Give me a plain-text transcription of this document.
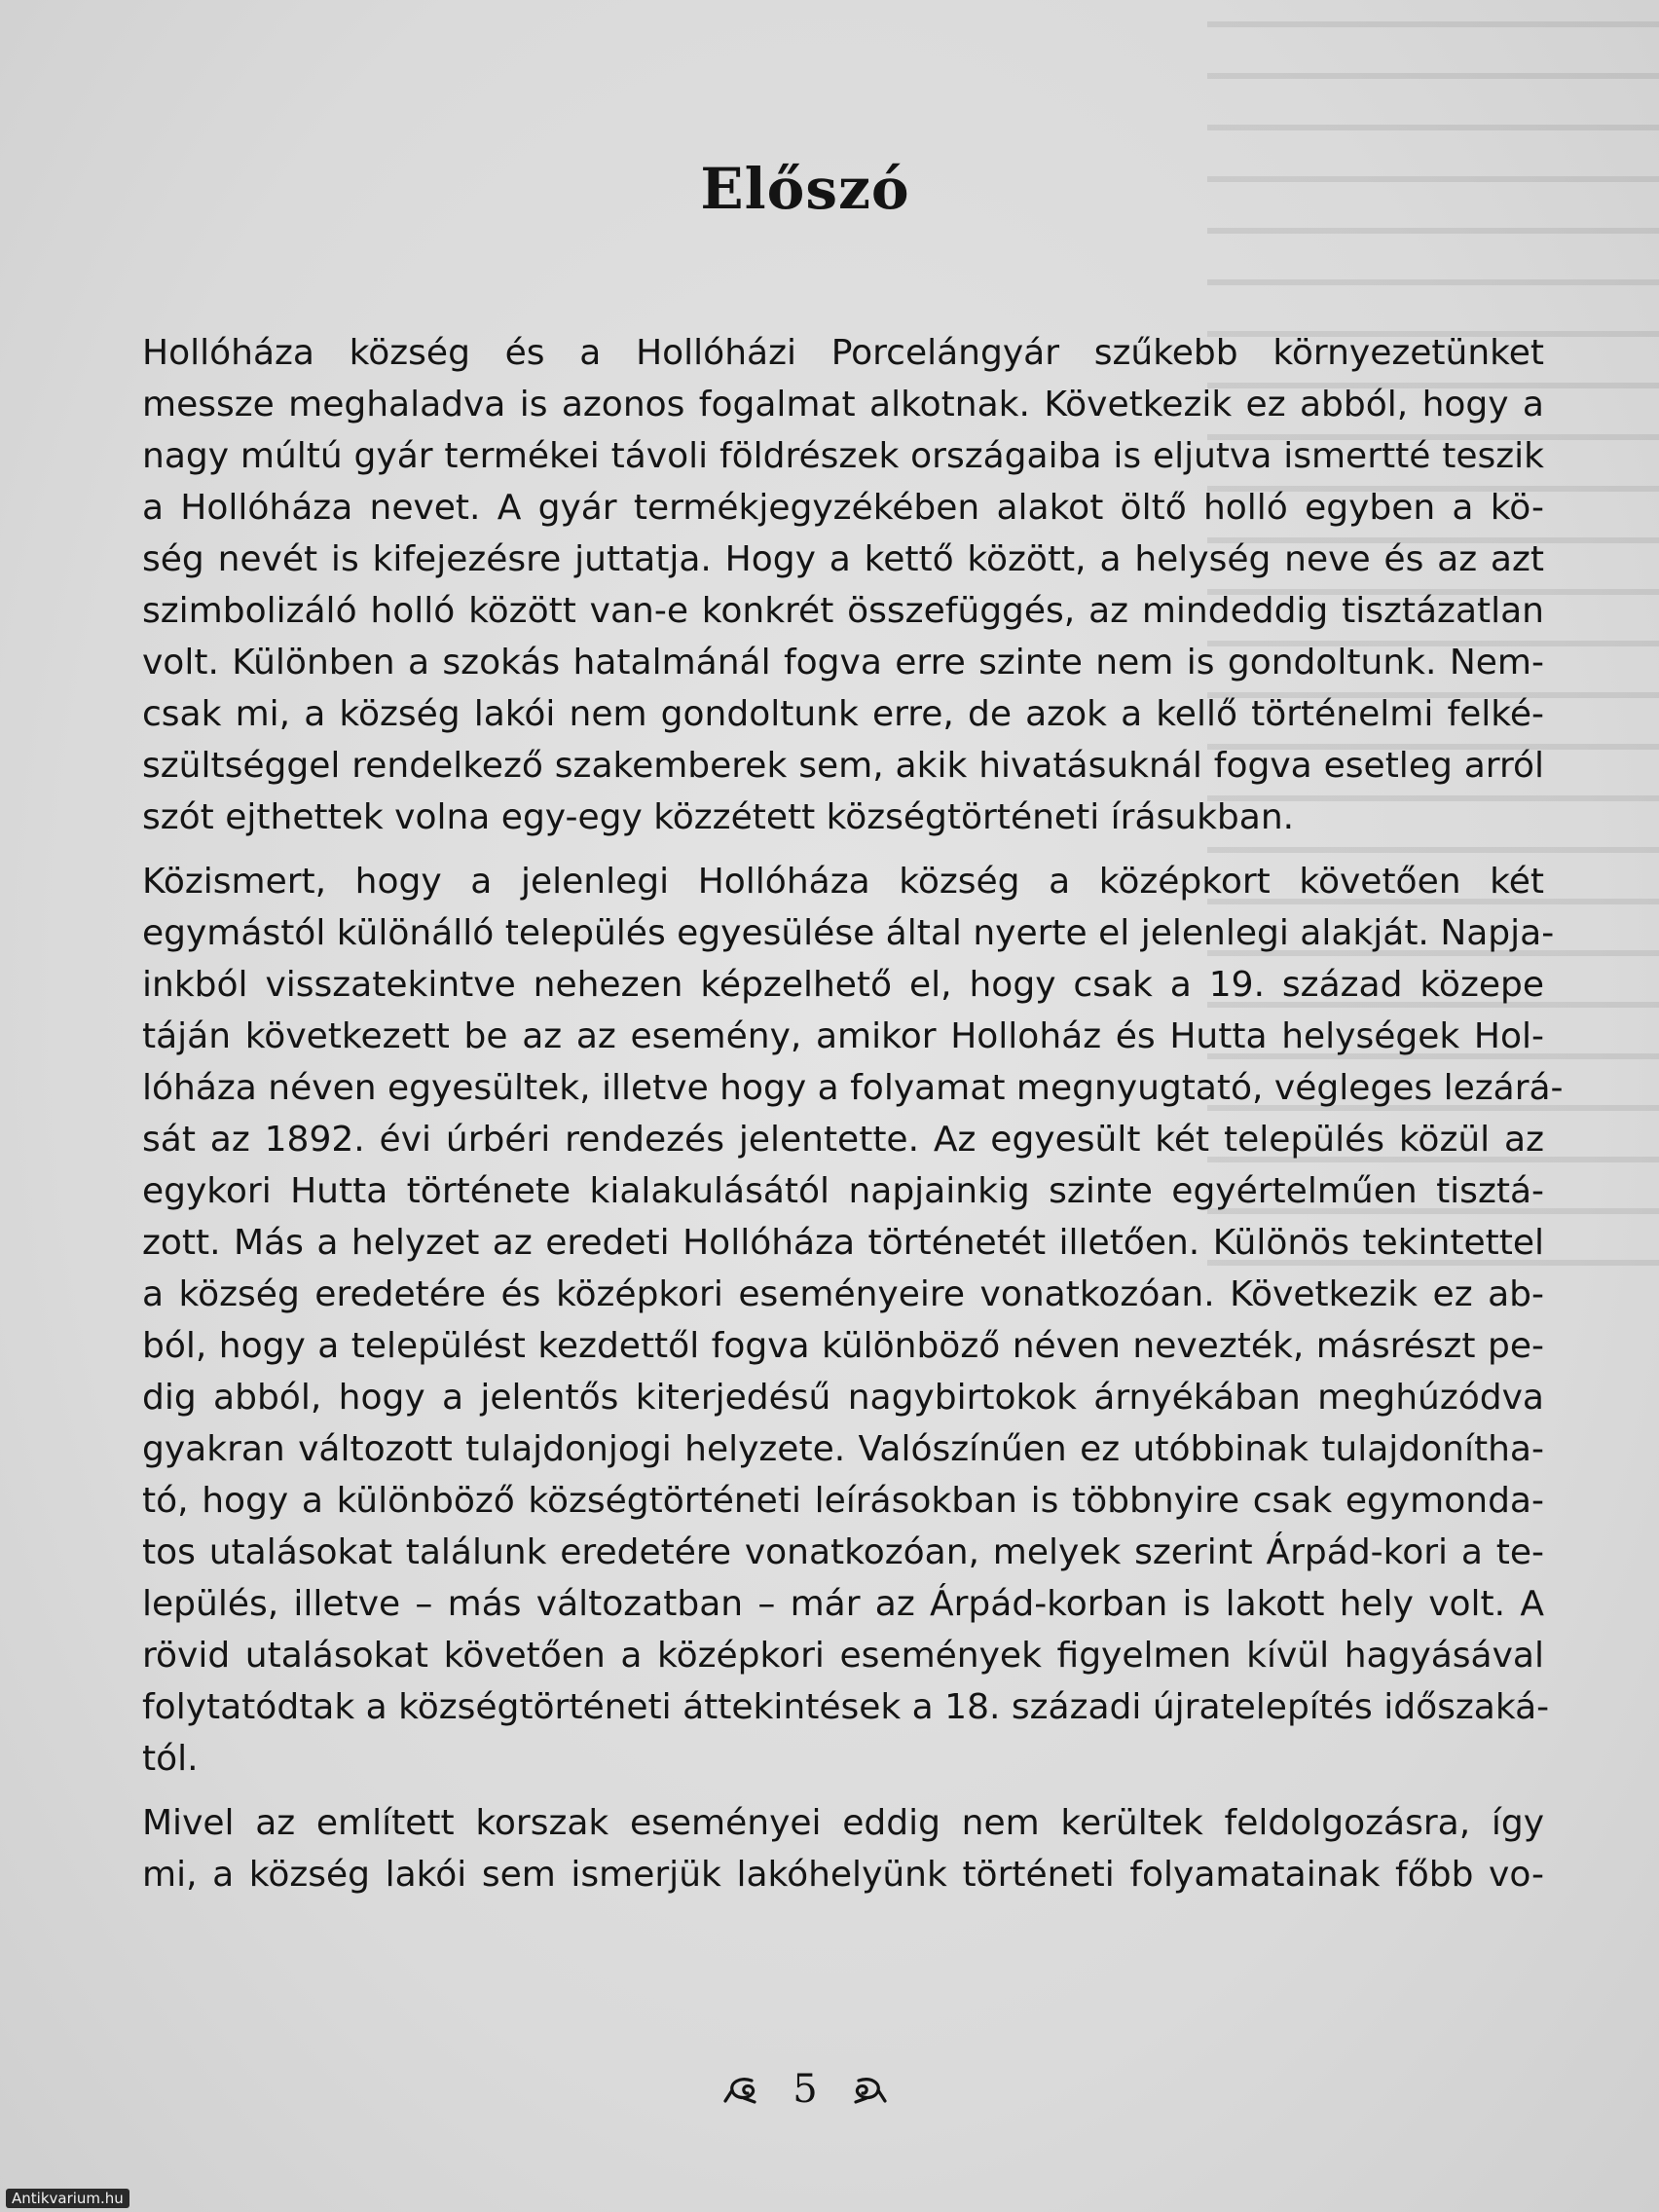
Előszó

Hollóháza község és a Hollóházi Porcelángyár szűkebb környezetünket
messze meghaladva is azonos fogalmat alkotnak. Következik ez abból, hogy a
nagy múltú gyár termékei távoli földrészek országaiba is eljutva ismertté teszik
a Hollóháza nevet. A gyár termékjegyzékében alakot öltő holló egyben a kö-
ség nevét is kifejezésre juttatja. Hogy a kettő között, a helység neve és az azt
szimbolizáló holló között van-e konkrét összefüggés, az mindeddig tisztázatlan
volt. Különben a szokás hatalmánál fogva erre szinte nem is gondoltunk. Nem-
csak mi, a község lakói nem gondoltunk erre, de azok a kellő történelmi felké-
szültséggel rendelkező szakemberek sem, akik hivatásuknál fogva esetleg arról
szót ejthettek volna egy-egy közzétett községtörténeti írásukban.

Közismert, hogy a jelenlegi Hollóháza község a középkort követően két
egymástól különálló település egyesülése által nyerte el jelenlegi alakját. Napja-
inkból visszatekintve nehezen képzelhető el, hogy csak a 19. század közepe
táján következett be az az esemény, amikor Holloház és Hutta helységek Hol-
lóháza néven egyesültek, illetve hogy a folyamat megnyugtató, végleges lezárá-
sát az 1892. évi úrbéri rendezés jelentette. Az egyesült két település közül az
egykori Hutta története kialakulásától napjainkig szinte egyértelműen tisztá-
zott. Más a helyzet az eredeti Hollóháza történetét illetően. Különös tekintettel
a község eredetére és középkori eseményeire vonatkozóan. Következik ez ab-
ból, hogy a települést kezdettől fogva különböző néven nevezték, másrészt pe-
dig abból, hogy a jelentős kiterjedésű nagybirtokok árnyékában meghúzódva
gyakran változott tulajdonjogi helyzete. Valószínűen ez utóbbinak tulajdonítha-
tó, hogy a különböző községtörténeti leírásokban is többnyire csak egymonda-
tos utalásokat találunk eredetére vonatkozóan, melyek szerint Árpád-kori a te-
lepülés, illetve – más változatban – már az Árpád-korban is lakott hely volt. A
rövid utalásokat követően a középkori események figyelmen kívül hagyásával
folytatódtak a községtörténeti áttekintések a 18. századi újratelepítés időszaká-
tól.

Mivel az említett korszak eseményei eddig nem kerültek feldolgozásra, így
mi, a község lakói sem ismerjük lakóhelyünk történeti folyamatainak főbb vo-

5
Antikvarium.hu
